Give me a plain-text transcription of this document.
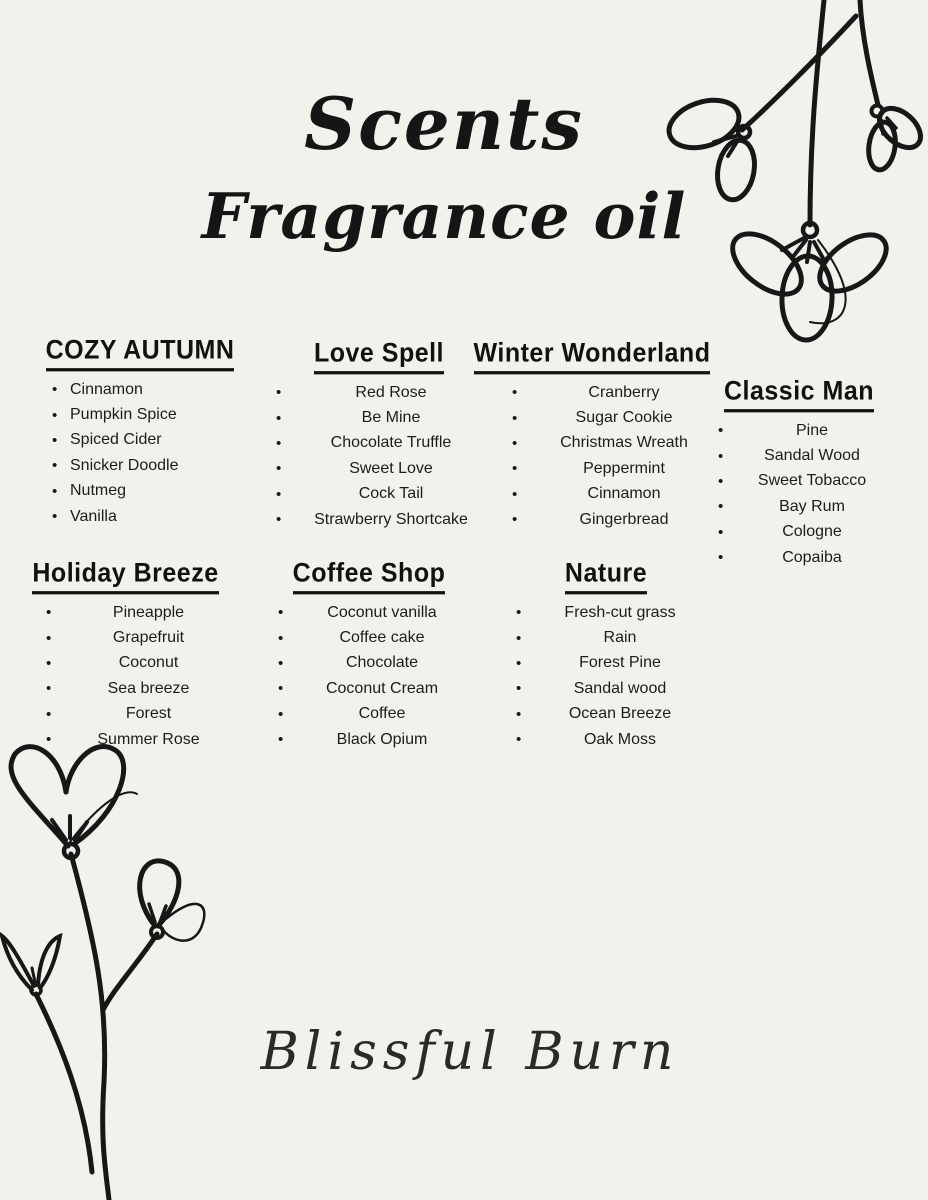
Scents
Fragrance oil
COZY AUTUMN
• Cinnamon
• Pumpkin Spice
• Spiced Cider
• Snicker Doodle
• Nutmeg
• Vanilla
Love Spell
•	Red Rose
•	Be Mine
•	Chocolate Truffle
•	Sweet Love
•	Cock Tail
•	Strawberry Shortcake
Winter Wonderland
•	Cranberry
•	Sugar Cookie
•	Christmas Wreath
•	Peppermint
•	Cinnamon
•	Gingerbread
Classic Man
•	Pine
•	Sandal Wood
•	Sweet Tobacco
•	Bay Rum
•	Cologne
•	Copaiba
Holiday Breeze
•	Pineapple
•	Grapefruit
•	Coconut
•	Sea breeze
•	Forest
•	Summer Rose
Coffee Shop
•	Coconut vanilla
•	Coffee cake
•	Chocolate
•	Coconut Cream
•	Coffee
•	Black Opium
Nature
•	Fresh-cut grass
•	Rain
•	Forest Pine
•	Sandal wood
•	Ocean Breeze
•	Oak Moss
Blissful Burn
